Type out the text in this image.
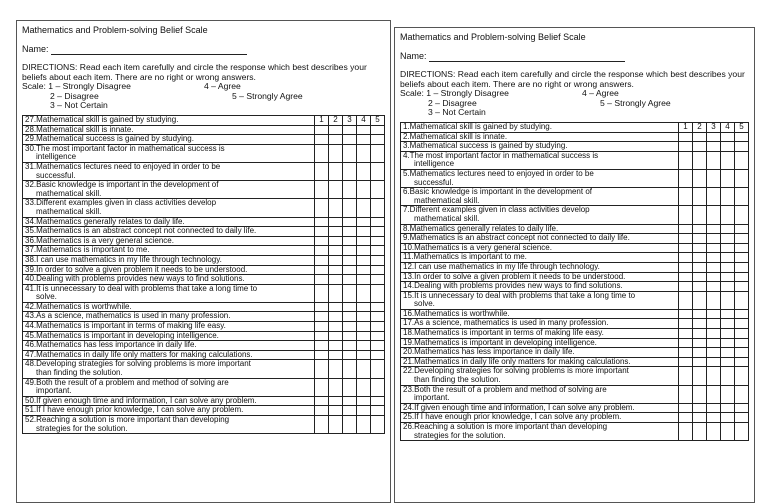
Mathematics and Problem-solving Belief Scale
Name:

DIRECTIONS: Read each item carefully and circle the response which best describes your beliefs about each item. There are no right or wrong answers.

Scale: 1 – Strongly Disagree	4 – Agree
2 – Disagree	5 – Strongly Agree
3 – Not Certain
27.Mathematical skill is gained by studying.	1	2	3	4	5

28.Mathematical skill is innate.					

29.Mathematical success is gained by studying.					

30.The most important factor in mathematical success is
intelligence					

31.Mathematics lectures need to enjoyed in order to be
successful.					

32.Basic knowledge is important in the development of
mathematical skill.					

33.Different examples given in class activities develop
mathematical skill.					

34.Mathematics generally relates to daily life.					

35.Mathematics is an abstract concept not connected to daily life.					

36.Mathematics is a very general science.					

37.Mathematics is important to me.					

38.I can use mathematics in my life through technology.					

39.In order to solve a given problem it needs to be understood.					

40.Dealing with problems provides new ways to find solutions.					

41.It is unnecessary to deal with problems that take a long time to
solve.					

42.Mathematics is worthwhile.					

43.As a science, mathematics is used in many profession.					

44.Mathematics is important in terms of making life easy.					

45.Mathematics is important in developing intelligence.					

46.Mathematics has less importance in daily life.					

47.Mathematics in daily life only matters for making calculations.					

48.Developing strategies for solving problems is more important
than finding the solution.					

49.Both the result of a problem and method of solving are
important.					

50.If given enough time and information, I can solve any problem.					

51.If I have enough prior knowledge, I can solve any problem.					

52.Reaching a solution is more important than developing
strategies for the solution.					

Mathematics and Problem-solving Belief Scale
Name:

DIRECTIONS: Read each item carefully and circle the response which best describes your beliefs about each item. There are no right or wrong answers.

Scale: 1 – Strongly Disagree	4 – Agree
2 – Disagree	5 – Strongly Agree
3 – Not Certain
1.Mathematical skill is gained by studying.	1	2	3	4	5

2.Mathematical skill is innate.					

3.Mathematical success is gained by studying.					

4.The most important factor in mathematical success is
intelligence					

5.Mathematics lectures need to enjoyed in order to be
successful.					

6.Basic knowledge is important in the development of
mathematical skill.					

7.Different examples given in class activities develop
mathematical skill.					

8.Mathematics generally relates to daily life.					

9.Mathematics is an abstract concept not connected to daily life.					

10.Mathematics is a very general science.					

11.Mathematics is important to me.					

12.I can use mathematics in my life through technology.					

13.In order to solve a given problem it needs to be understood.					

14.Dealing with problems provides new ways to find solutions.					

15.It is unnecessary to deal with problems that take a long time to
solve.					

16.Mathematics is worthwhile.					

17.As a science, mathematics is used in many profession.					

18.Mathematics is important in terms of making life easy.					

19.Mathematics is important in developing intelligence.					

20.Mathematics has less importance in daily life.					

21.Mathematics in daily life only matters for making calculations.					

22.Developing strategies for solving problems is more important
than finding the solution.					

23.Both the result of a problem and method of solving are
important.					

24.If given enough time and information, I can solve any problem.					

25.If I have enough prior knowledge, I can solve any problem.					

26.Reaching a solution is more important than developing
strategies for the solution.					
